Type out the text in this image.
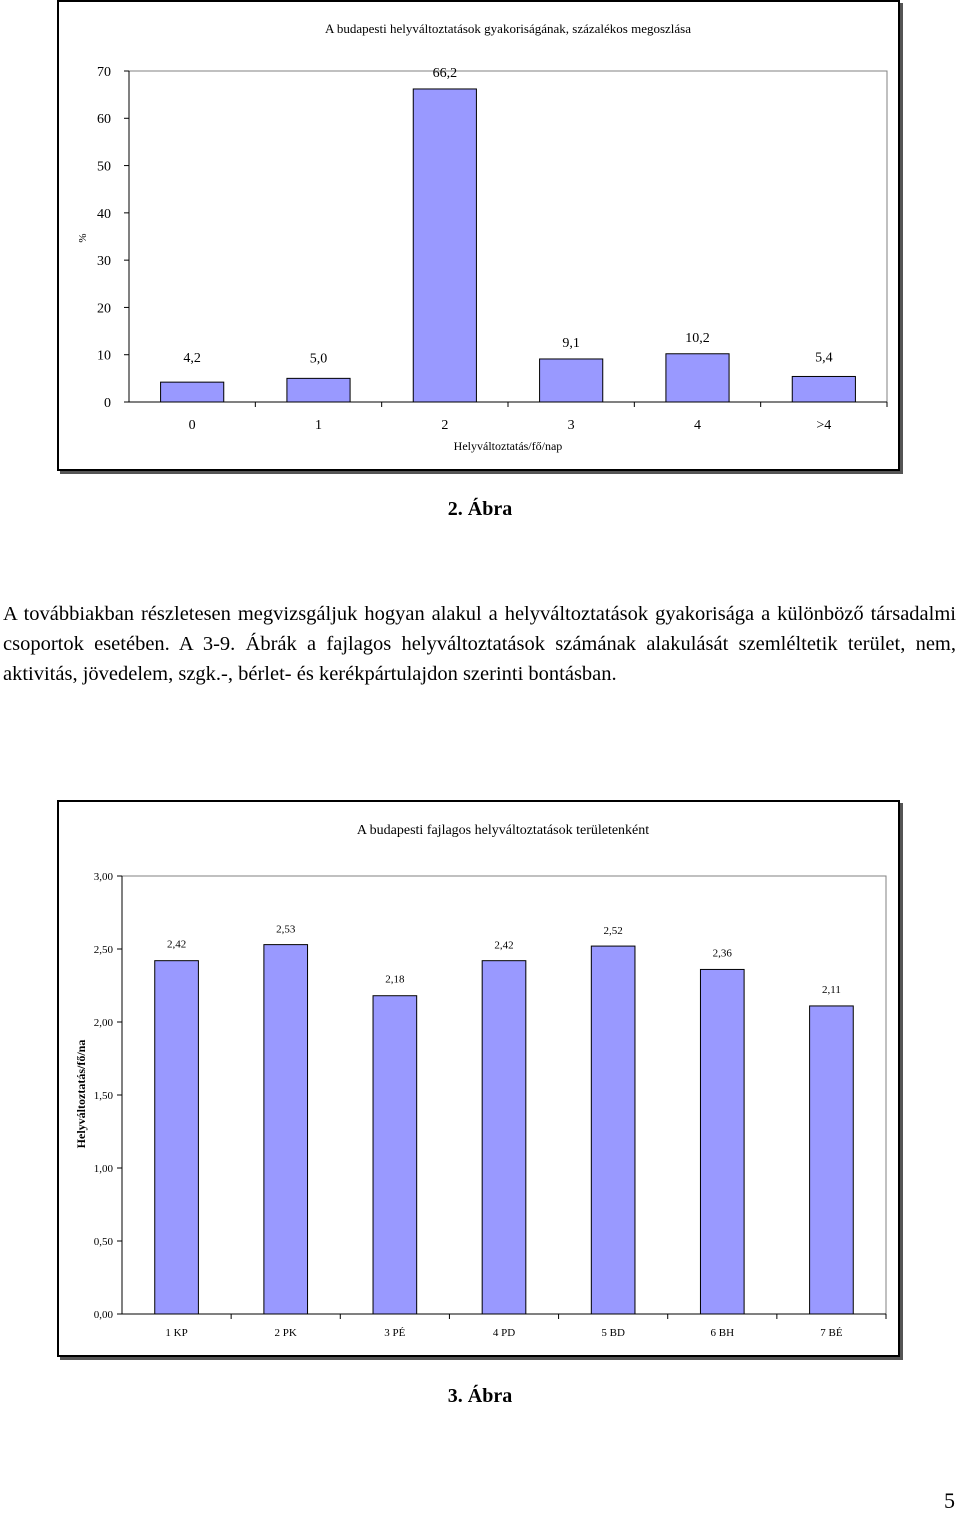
A budapesti helyváltoztatások gyakoriságának, százalékos megoszlása
0
10
20
30
40
50
60
70
%
Helyváltoztatás/fő/nap
0
4,2
1
5,0
2
66,2
3
9,1
4
10,2
>4
5,4
2. Ábra
A továbbiakban részletesen megvizsgáljuk hogyan alakul a helyváltoztatások gyakorisága a különböző társadalmi csoportok esetében. A 3-9. Ábrák a fajlagos helyváltoztatások számának alakulását szemléltetik terület, nem, aktivitás, jövedelem, szgk.-, bérlet- és kerékpártulajdon szerinti bontásban.
A budapesti fajlagos helyváltoztatások területenként
0,00
0,50
1,00
1,50
2,00
2,50
3,00
Helyváltoztatás/fő/na
1 KP
2,42
2 PK
2,53
3 PÉ
2,18
4 PD
2,42
5 BD
2,52
6 BH
2,36
7 BÉ
2,11
3. Ábra
5
